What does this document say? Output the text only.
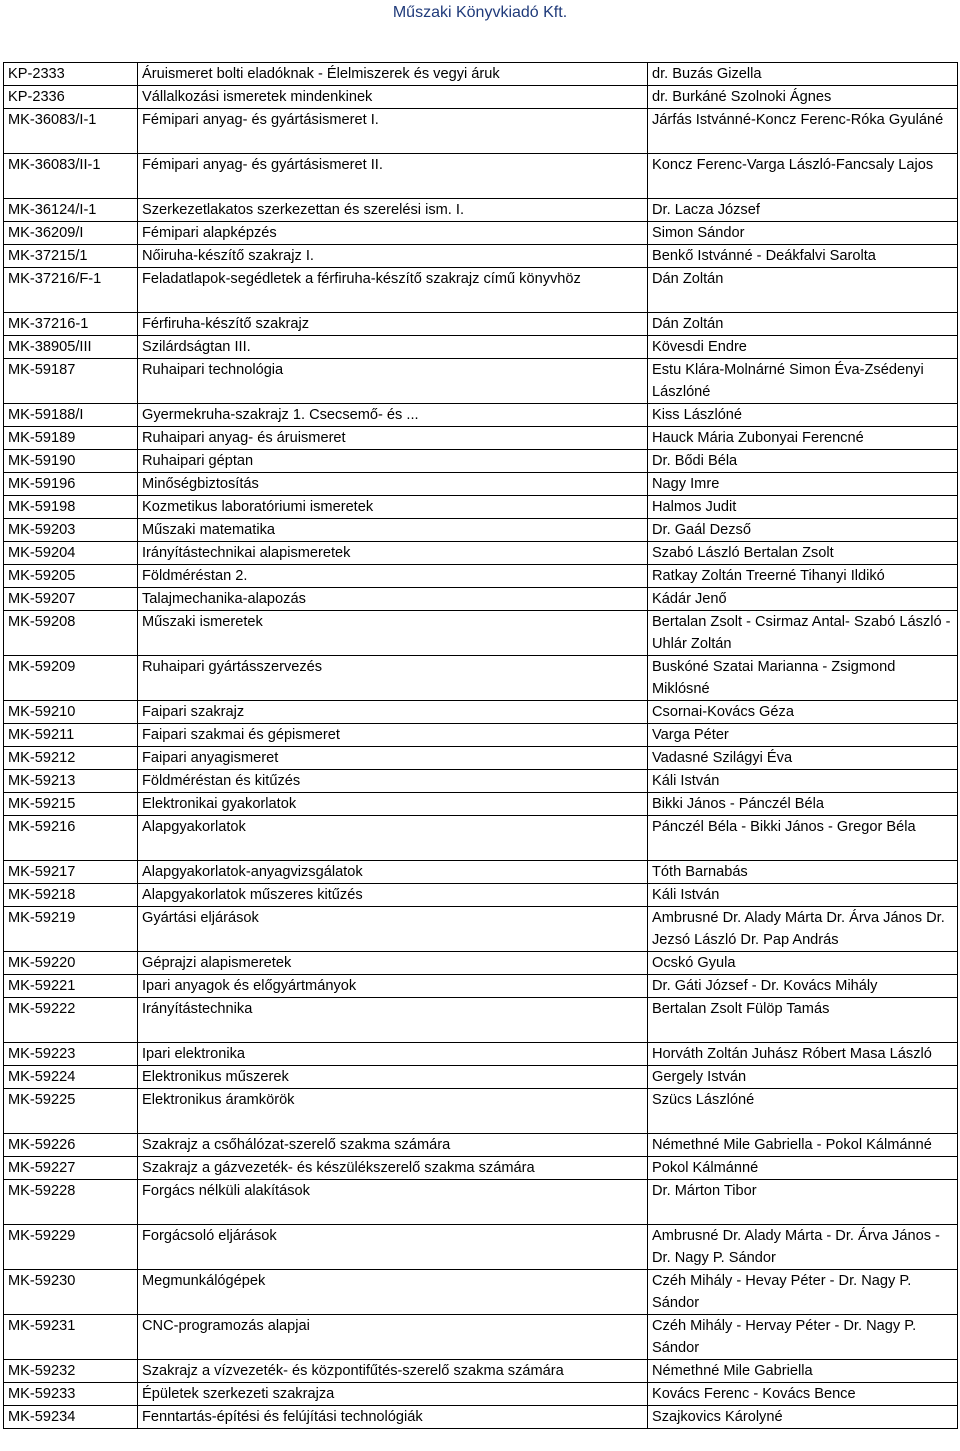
Műszaki Könyvkiadó Kft.
KP-2333	Áruismeret bolti eladóknak - Élelmiszerek és vegyi áruk	dr. Buzás Gizella
KP-2336	Vállalkozási ismeretek mindenkinek	dr. Burkáné Szolnoki Ágnes
MK-36083/I-1	Fémipari anyag- és gyártásismeret I.	Járfás Istvánné-Koncz Ferenc-Róka Gyuláné
MK-36083/II-1	Fémipari anyag- és gyártásismeret II.	Koncz Ferenc-Varga László-Fancsaly Lajos
MK-36124/I-1	Szerkezetlakatos szerkezettan és szerelési ism. I.	Dr. Lacza József
MK-36209/I	Fémipari alapképzés	Simon Sándor
MK-37215/1	Nőiruha-készítő szakrajz I.	Benkő Istvánné - Deákfalvi Sarolta
MK-37216/F-1	Feladatlapok-segédletek a férfiruha-készítő szakrajz című könyvhöz	Dán Zoltán
MK-37216-1	Férfiruha-készítő szakrajz	Dán Zoltán
MK-38905/III	Szilárdságtan III.	Kövesdi Endre
MK-59187	Ruhaipari technológia	Estu Klára-Molnárné Simon Éva-Zsédenyi Lászlóné
MK-59188/I	Gyermekruha-szakrajz 1. Csecsemő- és ...	Kiss Lászlóné
MK-59189	Ruhaipari anyag- és áruismeret	Hauck Mária Zubonyai Ferencné
MK-59190	Ruhaipari géptan	Dr. Bődi Béla
MK-59196	Minőségbiztosítás	Nagy Imre
MK-59198	Kozmetikus laboratóriumi ismeretek	Halmos Judit
MK-59203	Műszaki matematika	Dr. Gaál Dezső
MK-59204	Irányítástechnikai alapismeretek	Szabó László Bertalan Zsolt
MK-59205	Földméréstan 2.	Ratkay Zoltán Treerné Tihanyi Ildikó
MK-59207	Talajmechanika-alapozás	Kádár Jenő
MK-59208	Műszaki ismeretek	Bertalan Zsolt - Csirmaz Antal- Szabó László - Uhlár Zoltán
MK-59209	Ruhaipari gyártásszervezés	Buskóné Szatai Marianna - Zsigmond Miklósné
MK-59210	Faipari szakrajz	Csornai-Kovács Géza
MK-59211	Faipari szakmai és gépismeret	Varga Péter
MK-59212	Faipari anyagismeret	Vadasné Szilágyi Éva
MK-59213	Földméréstan és kitűzés	Káli István
MK-59215	Elektronikai gyakorlatok	Bikki János - Pánczél Béla
MK-59216	Alapgyakorlatok	Pánczél Béla - Bikki János - Gregor Béla
MK-59217	Alapgyakorlatok-anyagvizsgálatok	Tóth Barnabás
MK-59218	Alapgyakorlatok műszeres kitűzés	Káli István
MK-59219	Gyártási eljárások	Ambrusné Dr. Alady Márta Dr. Árva János Dr. Jezsó László Dr. Pap András
MK-59220	Géprajzi alapismeretek	Ocskó Gyula
MK-59221	Ipari anyagok és előgyártmányok	Dr. Gáti József - Dr. Kovács Mihály
MK-59222	Irányítástechnika	Bertalan Zsolt Fülöp Tamás
MK-59223	Ipari elektronika	Horváth Zoltán Juhász Róbert Masa László
MK-59224	Elektronikus műszerek	Gergely István
MK-59225	Elektronikus áramkörök	Szücs Lászlóné
MK-59226	Szakrajz a csőhálózat-szerelő szakma számára	Némethné Mile Gabriella - Pokol Kálmánné
MK-59227	Szakrajz a gázvezeték- és készülékszerelő szakma számára	Pokol Kálmánné
MK-59228	Forgács nélküli alakítások	Dr. Márton Tibor
MK-59229	Forgácsoló eljárások	Ambrusné Dr. Alady Márta - Dr. Árva János - Dr. Nagy P. Sándor
MK-59230	Megmunkálógépek	Czéh Mihály - Hevay Péter - Dr. Nagy P. Sándor
MK-59231	CNC-programozás alapjai	Czéh Mihály - Hervay Péter - Dr. Nagy P. Sándor
MK-59232	Szakrajz a vízvezeték- és központifűtés-szerelő szakma számára	Némethné Mile Gabriella
MK-59233	Épületek szerkezeti szakrajza	Kovács Ferenc - Kovács Bence
MK-59234	Fenntartás-építési és felújítási technológiák	Szajkovics Károlyné
